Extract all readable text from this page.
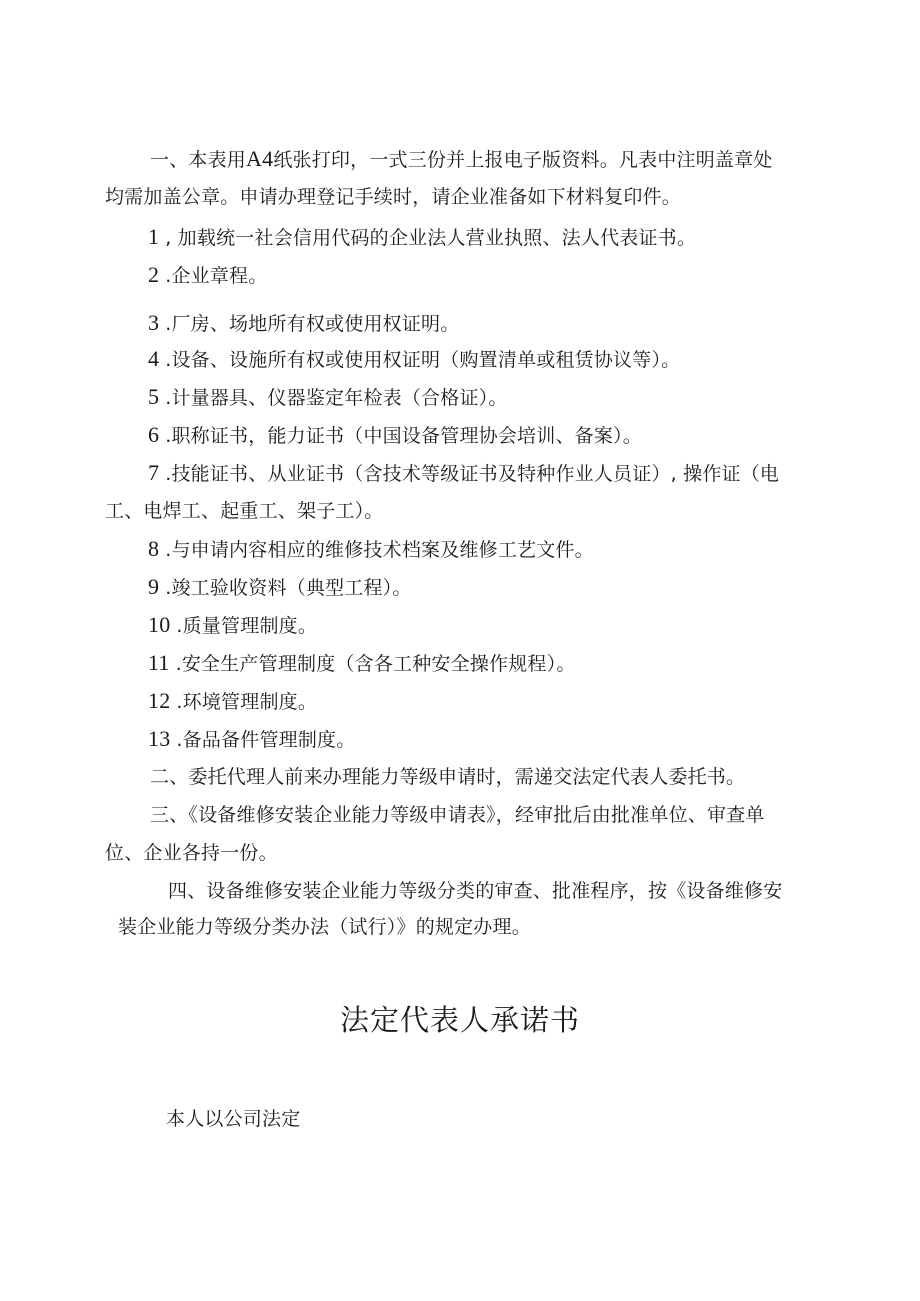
一、本表用A4纸张打印，一式三份并上报电子版资料。凡表中注明盖章处
均需加盖公章。申请办理登记手续时，请企业准备如下材料复印件。
1 , 加载统一社会信用代码的企业法人营业执照、法人代表证书。
2 .企业章程。
3 .厂房、场地所有权或使用权证明。
4 .设备、设施所有权或使用权证明（购置清单或租赁协议等）。
5 .计量器具、仪器鉴定年检表（合格证）。
6 .职称证书，能力证书（中国设备管理协会培训、备案）。
7 .技能证书、从业证书（含技术等级证书及特种作业人员证）, 操作证（电
工、电焊工、起重工、架子工）。
8 .与申请内容相应的维修技术档案及维修工艺文件。
9 .竣工验收资料（典型工程）。
10 .质量管理制度。
11 .安全生产管理制度（含各工种安全操作规程）。
12 .环境管理制度。
13 .备品备件管理制度。
二、委托代理人前来办理能力等级申请时，需递交法定代表人委托书。
三、《设备维修安装企业能力等级申请表》，经审批后由批准单位、审查单
位、企业各持一份。
四、设备维修安装企业能力等级分类的审查、批准程序，按《设备维修安
装企业能力等级分类办法（试行）》的规定办理。
法定代表人承诺书
本人以公司法定
